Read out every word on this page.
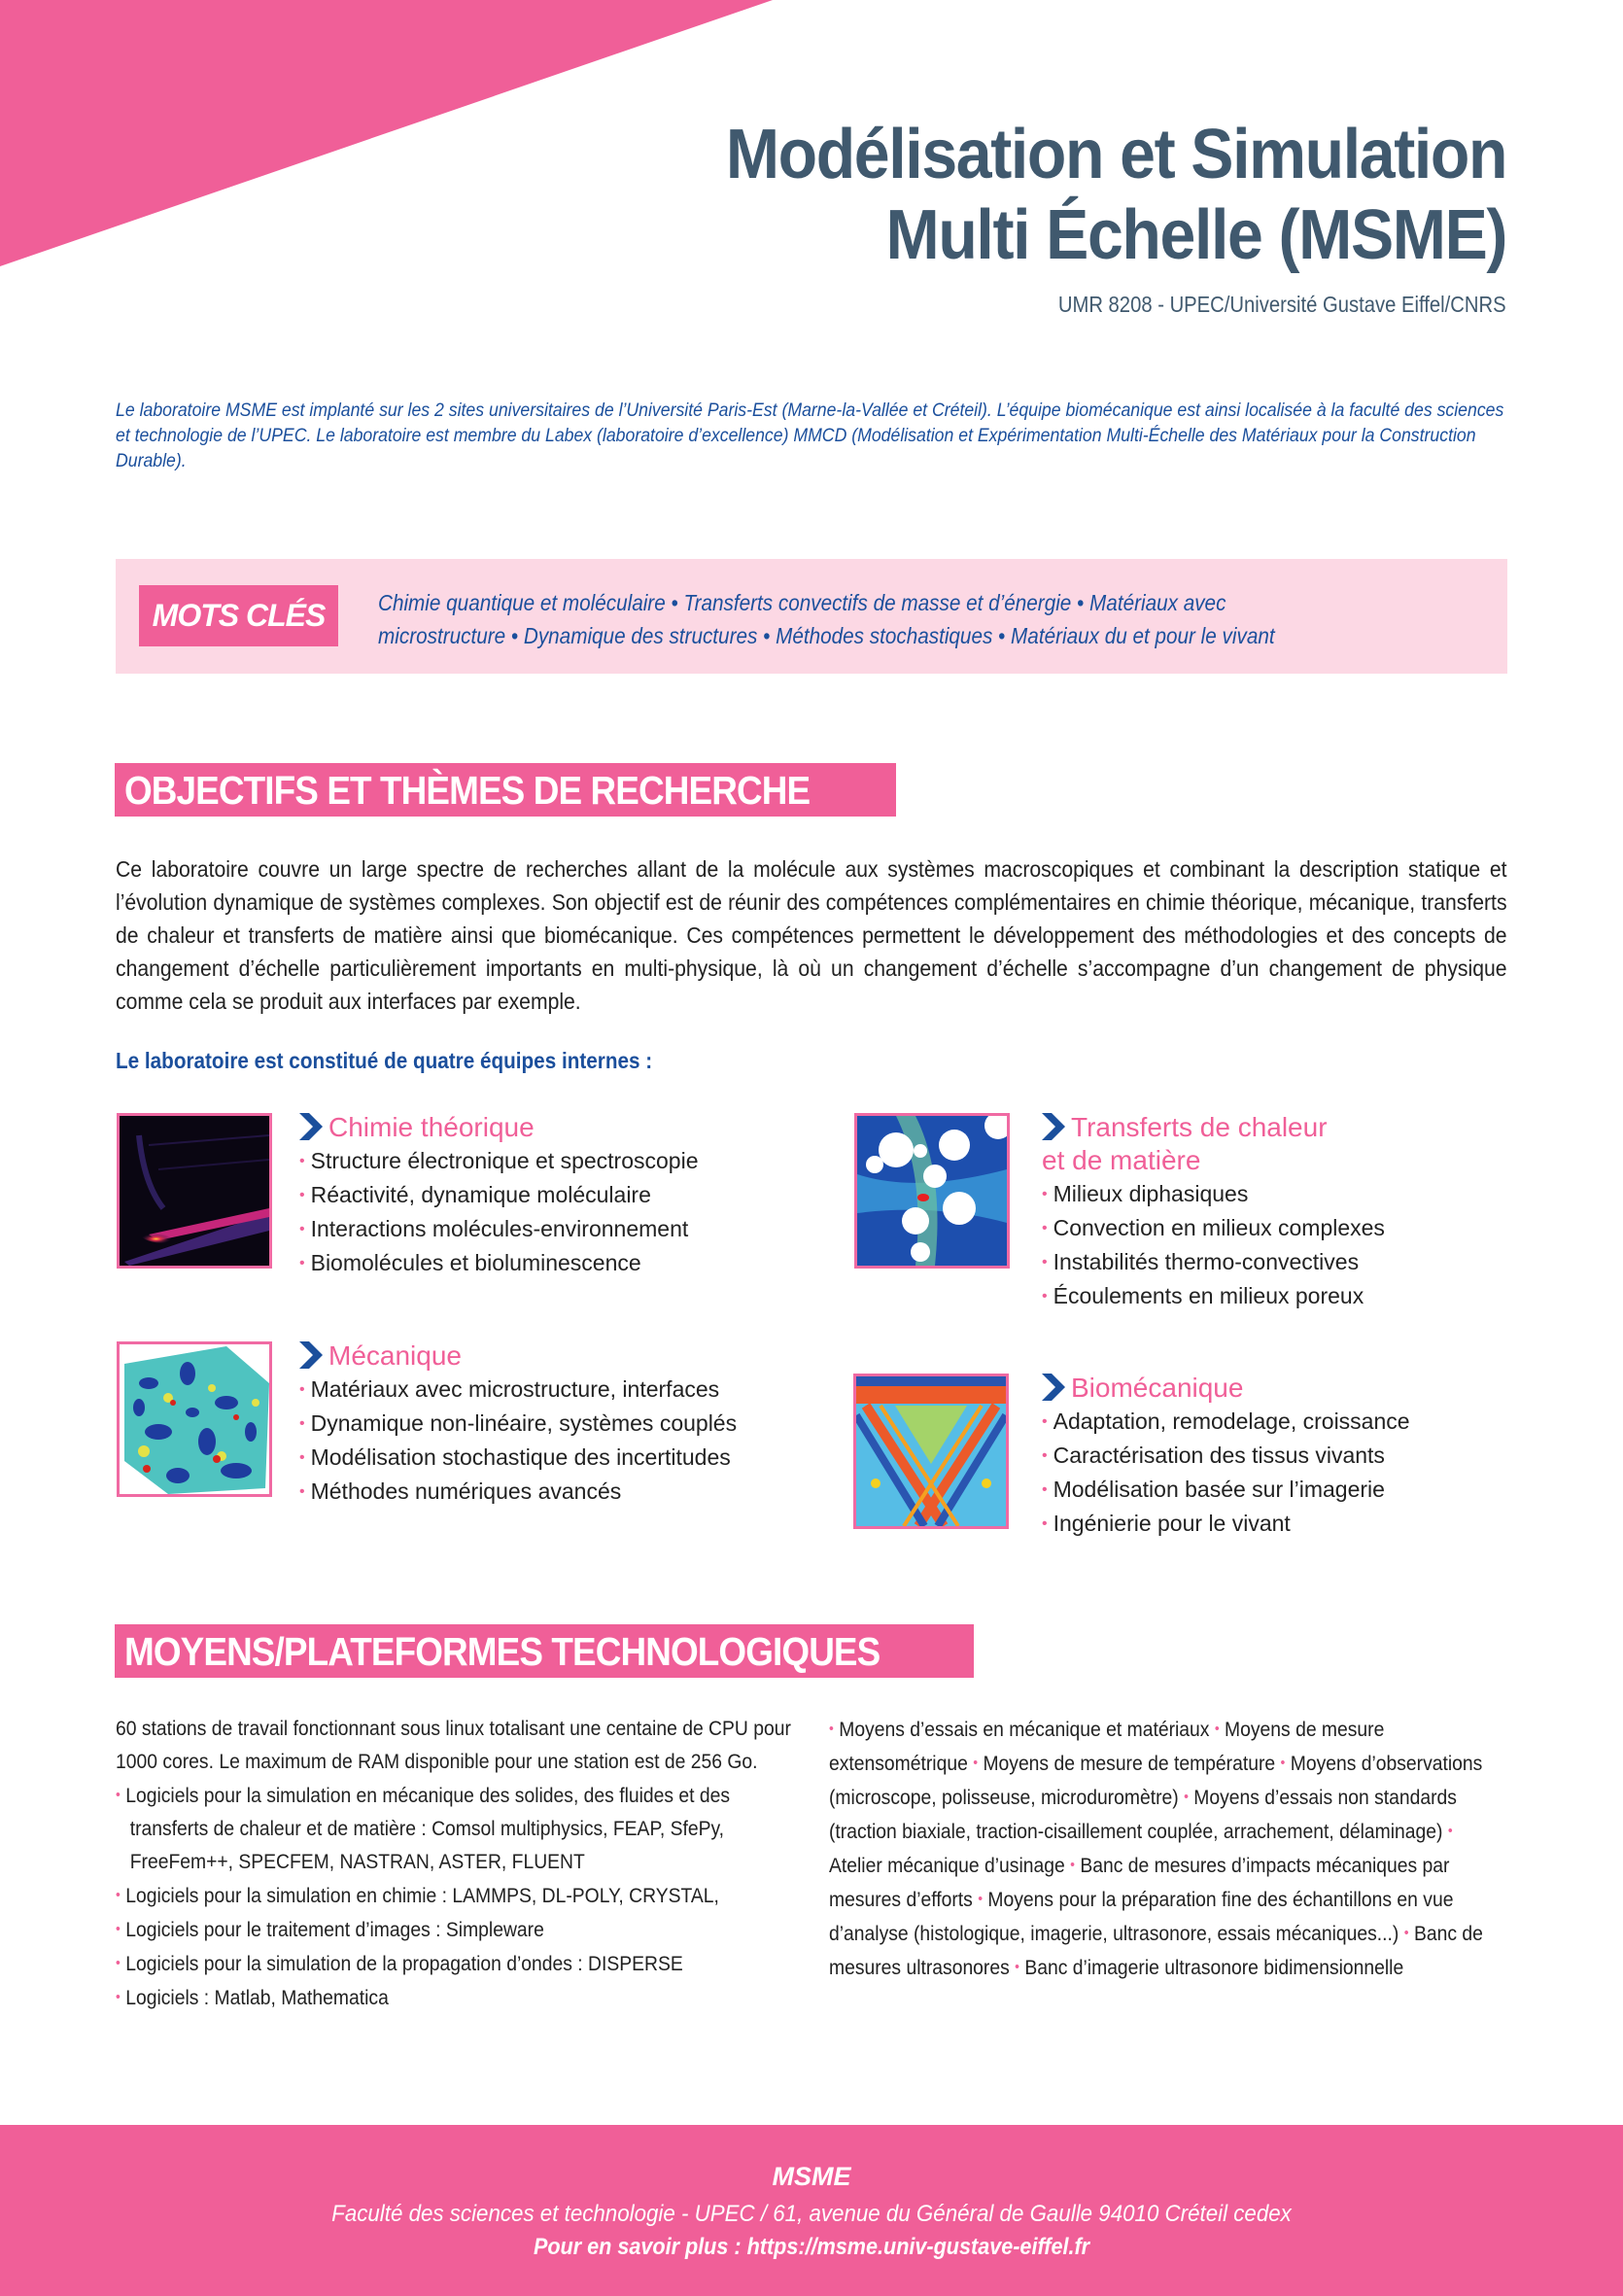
Modélisation et Simulation
Multi Échelle (MSME)
UMR 8208 - UPEC/Université Gustave Eiffel/CNRS
Le laboratoire MSME est implanté sur les 2 sites universitaires de l’Université Paris-Est (Marne-la-Vallée et Créteil). L’équipe biomécanique est ainsi localisée à la faculté des sciences et technologie de l’UPEC. Le laboratoire est membre du Labex (laboratoire d’excellence) MMCD (Modélisation et Expérimentation Multi-Échelle des Matériaux pour la Construction Durable).
MOTS CLÉS	Chimie quantique et moléculaire • Transferts convectifs de masse et d’énergie • Matériaux avec
microstructure • Dynamique des structures • Méthodes stochastiques • Matériaux du et pour le vivant
OBJECTIFS ET THÈMES DE RECHERCHE
Ce laboratoire couvre un large spectre de recherches allant de la molécule aux systèmes macroscopiques et combinant la description statique et l’évolution dynamique de systèmes complexes. Son objectif est de réunir des compétences complémentaires en chimie théorique, mécanique, transferts de chaleur et transferts de matière ainsi que biomécanique. Ces compétences permettent le développement des méthodologies et des concepts de changement d’échelle particulièrement importants en multi-physique, là où un changement d’échelle s’accompagne d’un changement de physique comme cela se produit aux interfaces par exemple.
Le laboratoire est constitué de quatre équipes internes :
Chimie théorique
• Structure électronique et spectroscopie
• Réactivité, dynamique moléculaire
• Interactions molécules-environnement
• Biomolécules et bioluminescence
Transferts de chaleur
et de matière
• Milieux diphasiques
• Convection en milieux complexes
• Instabilités thermo-convectives
• Écoulements en milieux poreux
Mécanique
• Matériaux avec microstructure, interfaces
• Dynamique non-linéaire, systèmes couplés
• Modélisation stochastique des incertitudes
• Méthodes numériques avancés
Biomécanique
• Adaptation, remodelage, croissance
• Caractérisation des tissus vivants
• Modélisation basée sur l’imagerie
• Ingénierie pour le vivant
MOYENS/PLATEFORMES TECHNOLOGIQUES
60 stations de travail fonctionnant sous linux totalisant une centaine de CPU pour 1000 cores. Le maximum de RAM disponible pour une station est de 256 Go.
• Logiciels pour la simulation en mécanique des solides, des fluides et des transferts de chaleur et de matière : Comsol multiphysics, FEAP, SfePy, FreeFem++, SPECFEM, NASTRAN, ASTER, FLUENT
• Logiciels pour la simulation en chimie : LAMMPS, DL-POLY, CRYSTAL,
• Logiciels pour le traitement d’images : Simpleware
• Logiciels pour la simulation de la propagation d’ondes : DISPERSE
• Logiciels : Matlab, Mathematica
• Moyens d’essais en mécanique et matériaux • Moyens de mesure extensométrique • Moyens de mesure de température • Moyens d’observations (microscope, polisseuse, microduromètre) • Moyens d’essais non standards (traction biaxiale, traction-cisaillement couplée, arrachement, délaminage) • Atelier mécanique d’usinage • Banc de mesures d’impacts mécaniques par mesures d’efforts • Moyens pour la préparation fine des échantillons en vue d’analyse (histologique, imagerie, ultrasonore, essais mécaniques...) • Banc de mesures ultrasonores • Banc d’imagerie ultrasonore bidimensionnelle
MSME
Faculté des sciences et technologie - UPEC / 61, avenue du Général de Gaulle 94010 Créteil cedex
Pour en savoir plus : https://msme.univ-gustave-eiffel.fr
